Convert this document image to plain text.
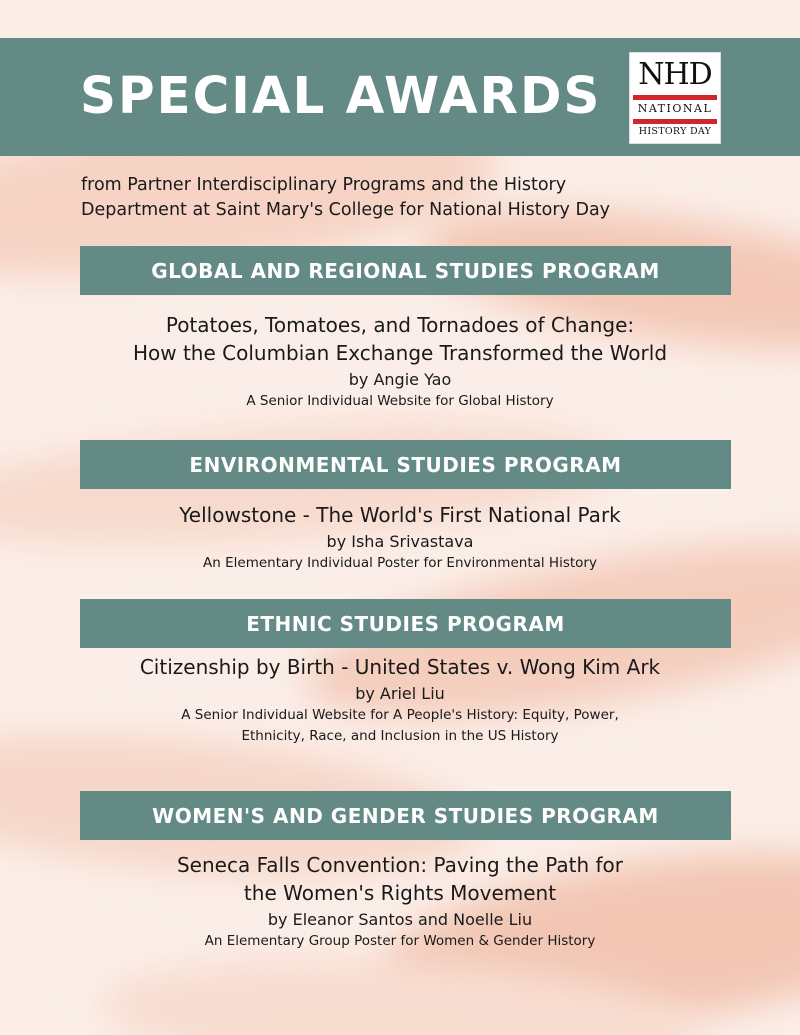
SPECIAL AWARDS NHD
NATIONAL
HISTORY DAY
from Partner Interdisciplinary Programs and the History
Department at Saint Mary's College for National History Day
GLOBAL AND REGIONAL STUDIES PROGRAM
Potatoes, Tomatoes, and Tornadoes of Change:
How the Columbian Exchange Transformed the World
by Angie Yao
A Senior Individual Website for Global History
ENVIRONMENTAL STUDIES PROGRAM
Yellowstone - The World's First National Park
by Isha Srivastava
An Elementary Individual Poster for Environmental History
ETHNIC STUDIES PROGRAM
Citizenship by Birth - United States v. Wong Kim Ark
by Ariel Liu
A Senior Individual Website for A People's History: Equity, Power,
Ethnicity, Race, and Inclusion in the US History
WOMEN'S AND GENDER STUDIES PROGRAM
Seneca Falls Convention: Paving the Path for
the Women's Rights Movement
by Eleanor Santos and Noelle Liu
An Elementary Group Poster for Women & Gender History
